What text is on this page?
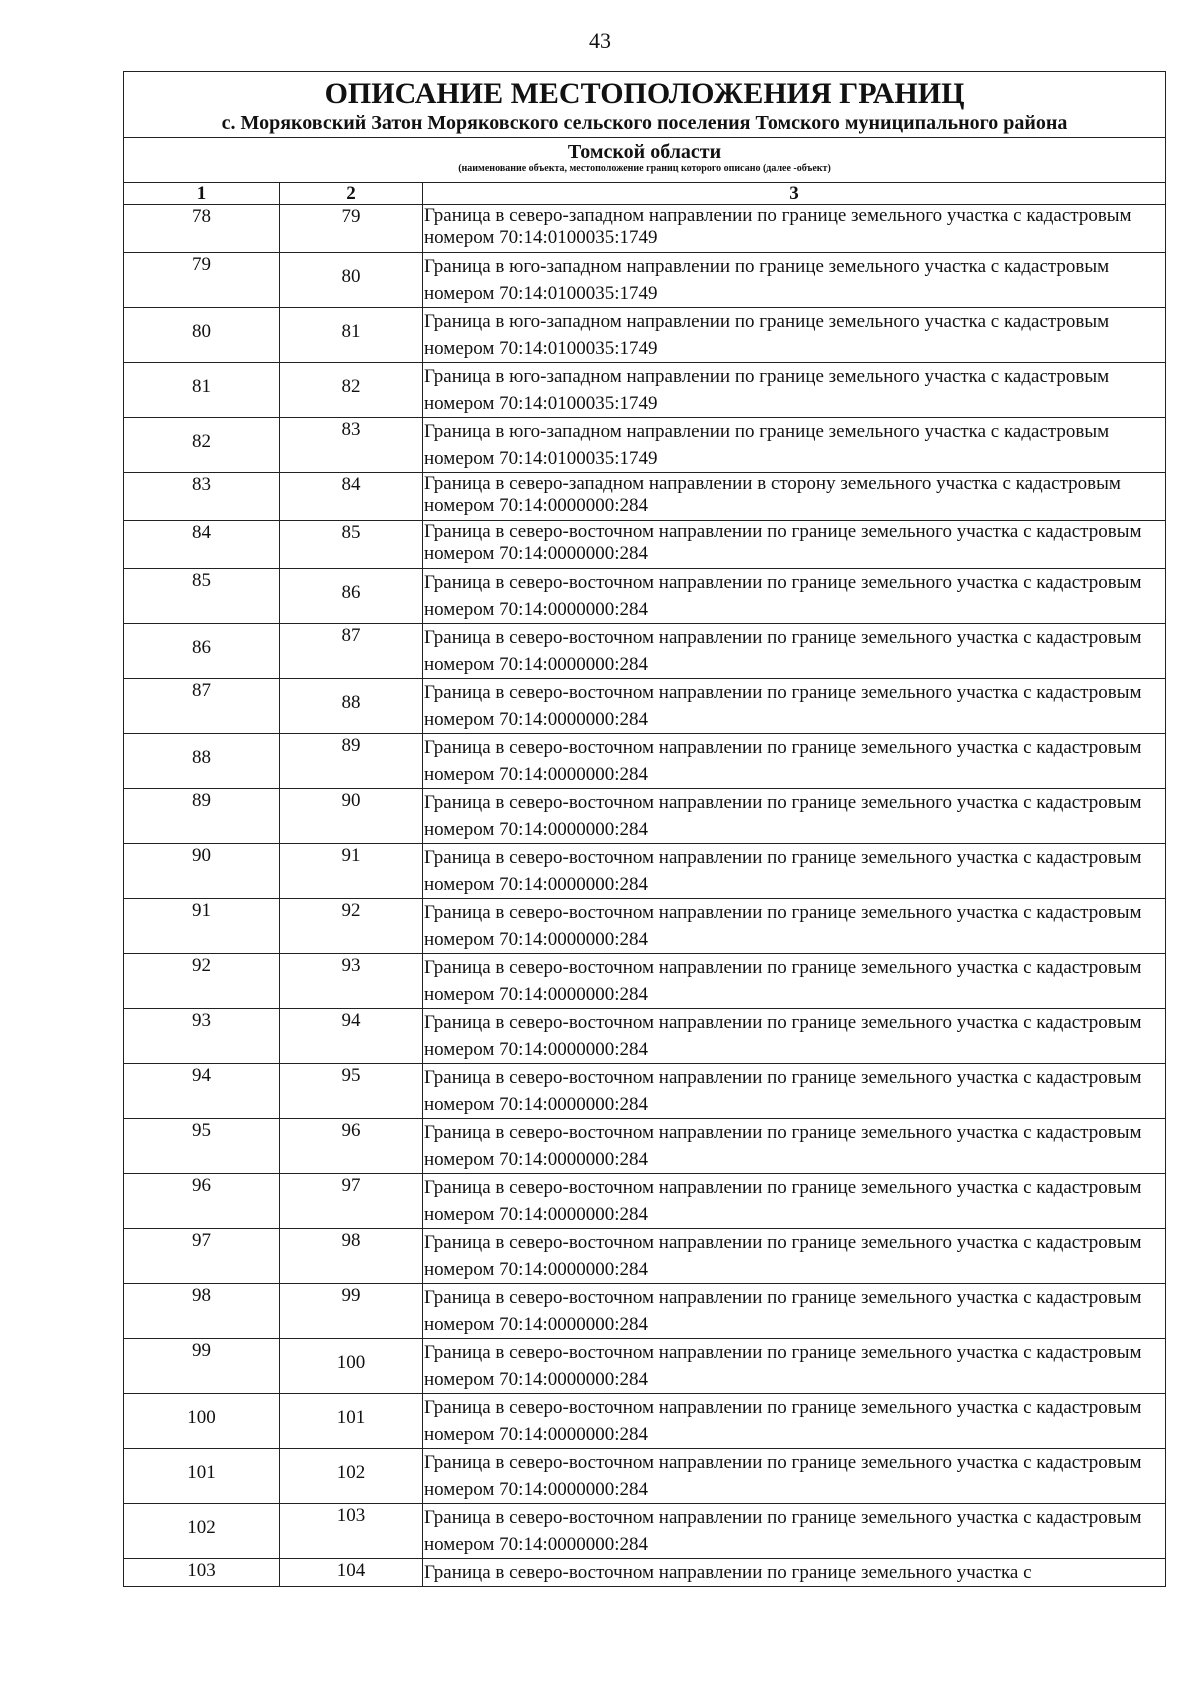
43
ОПИСАНИЕ МЕСТОПОЛОЖЕНИЯ ГРАНИЦ
с. Моряковский Затон Моряковского сельского поселения Томского муниципального района		

Томской области
(наименование объекта, местоположение границ которого описано (далее -объект)		

1	2	3

78	79	Граница в северо-западном направлении по границе земельного участка с кадастровым номером 70:14:0100035:1749

79	80	Граница в юго-западном направлении по границе земельного участка с кадастровым номером 70:14:0100035:1749

80	81	Граница в юго-западном направлении по границе земельного участка с кадастровым номером 70:14:0100035:1749

81	82	Граница в юго-западном направлении по границе земельного участка с кадастровым номером 70:14:0100035:1749

82	83	Граница в юго-западном направлении по границе земельного участка с кадастровым номером 70:14:0100035:1749

83	84	Граница в северо-западном направлении в сторону земельного участка с кадастровым номером 70:14:0000000:284

84	85	Граница в северо-восточном направлении по границе земельного участка с кадастровым номером 70:14:0000000:284

85	86	Граница в северо-восточном направлении по границе земельного участка с кадастровым номером 70:14:0000000:284

86	87	Граница в северо-восточном направлении по границе земельного участка с кадастровым номером 70:14:0000000:284

87	88	Граница в северо-восточном направлении по границе земельного участка с кадастровым номером 70:14:0000000:284

88	89	Граница в северо-восточном направлении по границе земельного участка с кадастровым номером 70:14:0000000:284

89	90	Граница в северо-восточном направлении по границе земельного участка с кадастровым номером 70:14:0000000:284

90	91	Граница в северо-восточном направлении по границе земельного участка с кадастровым номером 70:14:0000000:284

91	92	Граница в северо-восточном направлении по границе земельного участка с кадастровым номером 70:14:0000000:284

92	93	Граница в северо-восточном направлении по границе земельного участка с кадастровым номером 70:14:0000000:284

93	94	Граница в северо-восточном направлении по границе земельного участка с кадастровым номером 70:14:0000000:284

94	95	Граница в северо-восточном направлении по границе земельного участка с кадастровым номером 70:14:0000000:284

95	96	Граница в северо-восточном направлении по границе земельного участка с кадастровым номером 70:14:0000000:284

96	97	Граница в северо-восточном направлении по границе земельного участка с кадастровым номером 70:14:0000000:284

97	98	Граница в северо-восточном направлении по границе земельного участка с кадастровым номером 70:14:0000000:284

98	99	Граница в северо-восточном направлении по границе земельного участка с кадастровым номером 70:14:0000000:284

99	100	Граница в северо-восточном направлении по границе земельного участка с кадастровым номером 70:14:0000000:284

100	101	Граница в северо-восточном направлении по границе земельного участка с кадастровым номером 70:14:0000000:284

101	102	Граница в северо-восточном направлении по границе земельного участка с кадастровым номером 70:14:0000000:284

102	103	Граница в северо-восточном направлении по границе земельного участка с кадастровым номером 70:14:0000000:284

103	104	Граница в северо-восточном направлении по границе земельного участка с
